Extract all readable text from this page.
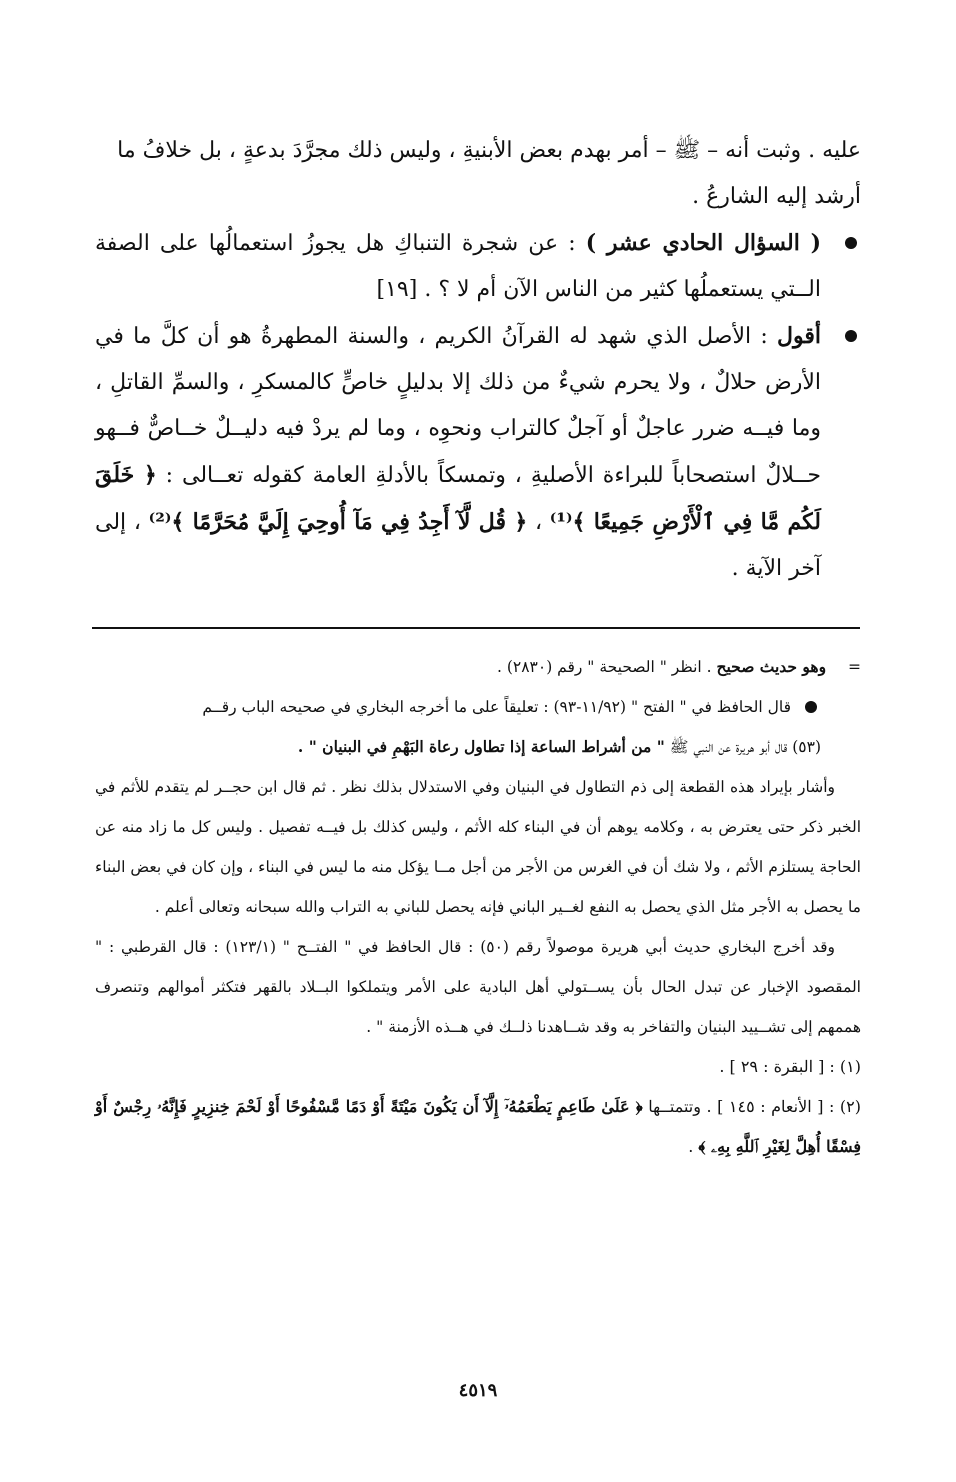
عليه . وثبت أنه – ﷺ – أمر بهدم بعض الأبنيةِ ، وليس ذلك مجرَّدَ بدعةٍ ، بل خلافُ ما
أرشد إليه الشارعُ .

( السؤال الحادي عشر ) : عن شجرة التنباكِ هل يجوزُ استعمالُها على الصفة الــتي يستعملُها كثير من الناس الآن أم لا ؟ . [١٩]

أقول : الأصل الذي شهد له القرآنُ الكريم ، والسنة المطهرةُ هو أن كلَّ ما في الأرض حلالٌ ، ولا يحرم شيءٌ من ذلك إلا بدليلٍ خاصٍّ كالمسكرِ ، والسمِّ القاتلِ ، وما فيــه ضرر عاجلٌ أو آجلٌ كالتراب ونحوِه ، وما لم يردْ فيه دليــلٌ خــاصٌّ فــهو حــلالٌ استصحاباً للبراءة الأصليةِ ، وتمسكاً بالأدلةِ العامة كقوله تعــالى : ﴿ خَلَقَ لَكُم مَّا فِي ٱلْأَرْضِ جَمِيعًا ﴾⁽¹⁾ ، ﴿ قُل لَّآ أَجِدُ فِي مَآ أُوحِيَ إِلَيَّ مُحَرَّمًا ﴾⁽²⁾ ، إلى آخر الآية .

= وهو حديث صحيح . انظر " الصحيحة " رقم (٢٨٣٠) .

قال الحافظ في " الفتح " (١١/٩٢-٩٣) : تعليقاً على ما أخرجه البخاري في صحيحه الباب رقــم
(٥٣) قال أبو هريرة عن النبي ﷺ " من أشراط الساعة إذا تطاول رعاة البَهْمِ في البنيان " .

وأشار بإيراد هذه القطعة إلى ذم التطاول في البنيان وفي الاستدلال بذلك نظر . ثم قال ابن حجــر لم يتقدم للأثم في الخبر ذكر حتى يعترض به ، وكلامه يوهم أن في البناء كله الأثم ، وليس كذلك بل فيــه تفصيل . وليس كل ما زاد منه عن الحاجة يستلزم الأثم ، ولا شك أن في الغرس من الأجر من أجل مــا يؤكل منه ما ليس في البناء ، وإن كان في بعض البناء ما يحصل به الأجر مثل الذي يحصل به النفع لغــير الباني فإنه يحصل للباني به التراب والله سبحانه وتعالى أعلم .

وقد أخرج البخاري حديث أبي هريرة موصولاً رقم (٥٠) : قال الحافظ في " الفتــح " (١٢٣/١) : قال القرطبي : " المقصود الإخبار عن تبدل الحال بأن يســتولي أهل البادية على الأمر ويتملكوا البــلاد بالقهر فتكثر أموالهم وتنصرف هممهم إلى تشــييد البنيان والتفاخر به وقد شــاهدنا ذلــك في هــذه الأزمنة " .

(١) : [ البقرة : ٢٩ ] .

(٢) : [ الأنعام : ١٤٥ ] . وتتمتــها ﴿ عَلَىٰ طَاعِمٍ يَطْعَمُهُۥٓ إِلَّآ أَن يَكُونَ مَيْتَةً أَوْ دَمًا مَّسْفُوحًا أَوْ لَحْمَ خِنزِيرٍ فَإِنَّهُۥ رِجْسٌ أَوْ فِسْقًا أُهِلَّ لِغَيْرِ ٱللَّهِ بِهِۦ ﴾ .

٤٥١٩
